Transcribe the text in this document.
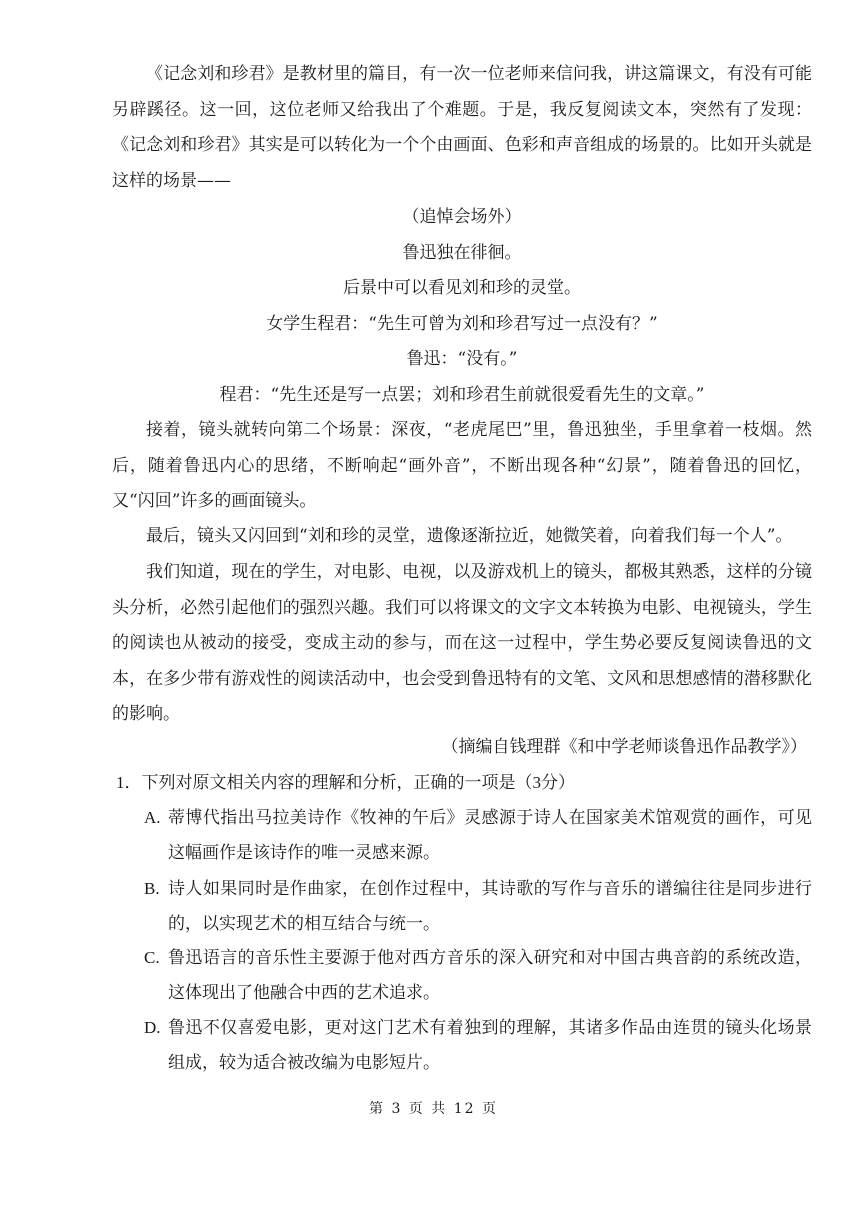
《记念刘和珍君》是教材里的篇目，有一次一位老师来信问我，讲这篇课文，有没有可能另辟蹊径。这一回，这位老师又给我出了个难题。于是，我反复阅读文本，突然有了发现：《记念刘和珍君》其实是可以转化为一个个由画面、色彩和声音组成的场景的。比如开头就是这样的场景——

（追悼会场外）

鲁迅独在徘徊。

后景中可以看见刘和珍的灵堂。

女学生程君：“先生可曾为刘和珍君写过一点没有？”

鲁迅：“没有。”

程君：“先生还是写一点罢；刘和珍君生前就很爱看先生的文章。”

接着，镜头就转向第二个场景：深夜，“老虎尾巴”里，鲁迅独坐，手里拿着一枝烟。然后，随着鲁迅内心的思绪，不断响起“画外音”，不断出现各种“幻景”，随着鲁迅的回忆，又“闪回”许多的画面镜头。

最后，镜头又闪回到“刘和珍的灵堂，遗像逐渐拉近，她微笑着，向着我们每一个人”。

我们知道，现在的学生，对电影、电视，以及游戏机上的镜头，都极其熟悉，这样的分镜头分析，必然引起他们的强烈兴趣。我们可以将课文的文字文本转换为电影、电视镜头，学生的阅读也从被动的接受，变成主动的参与，而在这一过程中，学生势必要反复阅读鲁迅的文本，在多少带有游戏性的阅读活动中，也会受到鲁迅特有的文笔、文风和思想感情的潜移默化的影响。

（摘编自钱理群《和中学老师谈鲁迅作品教学》）

1．下列对原文相关内容的理解和分析，正确的一项是（3分）

A. 蒂博代指出马拉美诗作《牧神的午后》灵感源于诗人在国家美术馆观赏的画作，可见这幅画作是该诗作的唯一灵感来源。
B. 诗人如果同时是作曲家，在创作过程中，其诗歌的写作与音乐的谱编往往是同步进行的，以实现艺术的相互结合与统一。
C. 鲁迅语言的音乐性主要源于他对西方音乐的深入研究和对中国古典音韵的系统改造，这体现出了他融合中西的艺术追求。
D. 鲁迅不仅喜爱电影，更对这门艺术有着独到的理解，其诸多作品由连贯的镜头化场景组成，较为适合被改编为电影短片。

第 3 页 共 12 页
